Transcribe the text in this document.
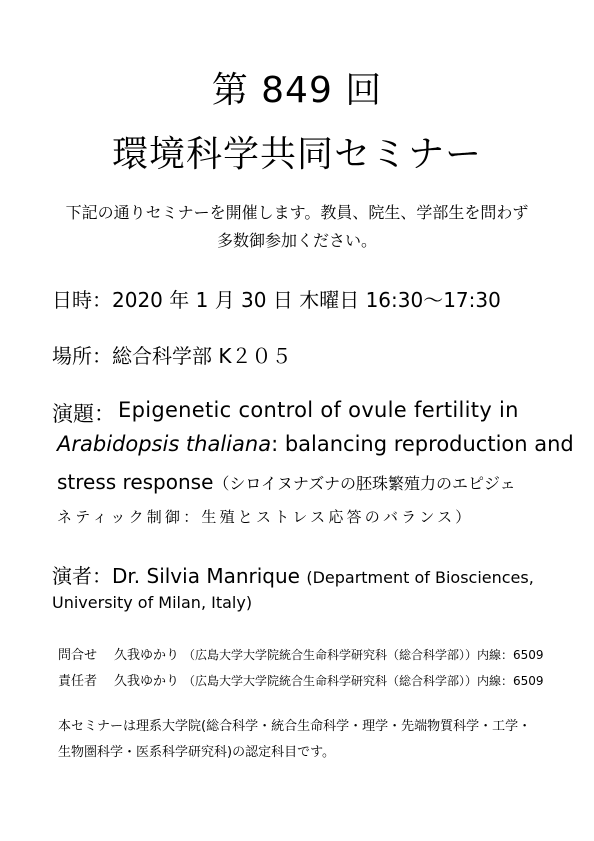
第 849 回
環境科学共同セミナー
下記の通りセミナーを開催します。教員、院生、学部生を問わず
多数御参加ください。
日時：2020 年 1 月 30 日 木曜日 16:30〜17:30
場所：総合科学部 K２０５
演題： Epigenetic control of ovule fertility in
Arabidopsis thaliana: balancing reproduction and
stress response（シロイヌナズナの胚珠繁殖力のエピジェ
ネティック制御：生殖とストレス応答のバランス）
演者：Dr. Silvia Manrique (Department of Biosciences,
University of Milan, Italy)
問合せ 久我ゆかり （広島大学大学院統合生命科学研究科（総合科学部））内線：6509
責任者 久我ゆかり （広島大学大学院統合生命科学研究科（総合科学部））内線：6509
本セミナーは理系大学院(総合科学・統合生命科学・理学・先端物質科学・工学・
生物圏科学・医系科学研究科)の認定科目です。
